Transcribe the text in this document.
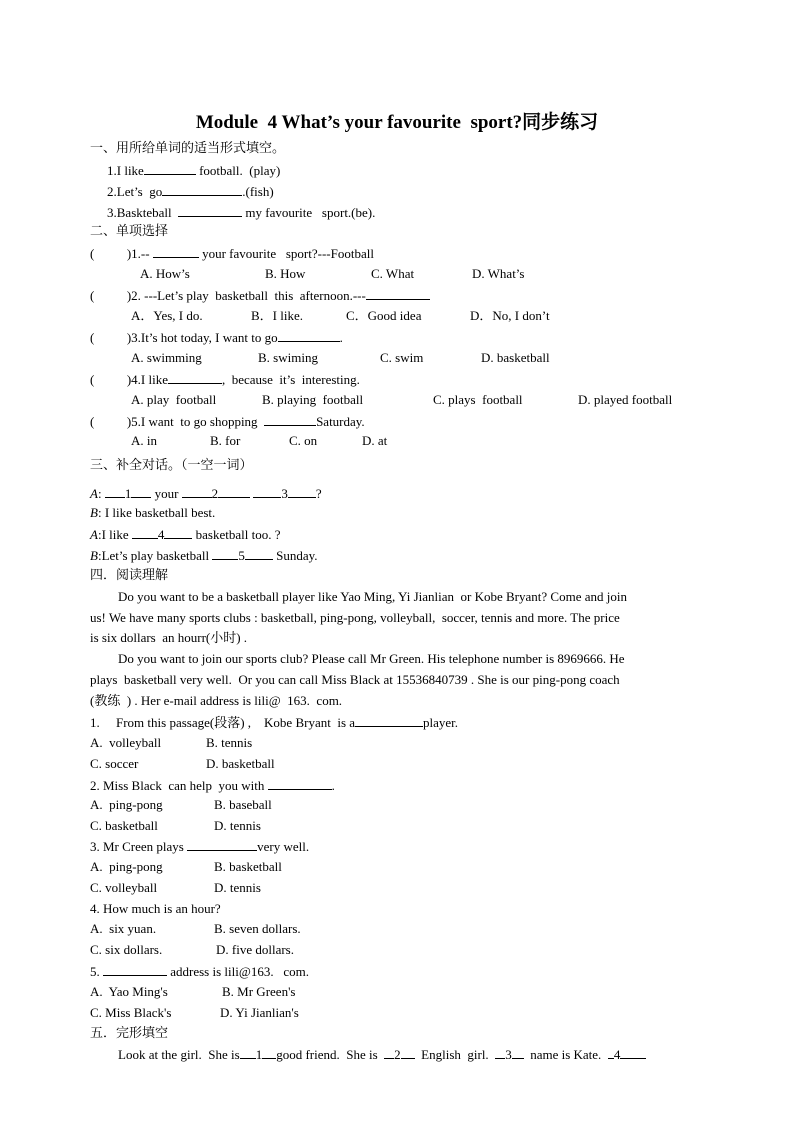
Module  4 What’s your favourite  sport?同步练习
一、用所给单词的适当形式填空。
1.I like	football.  (play)
2.Let’s  go	.(fish)
3.Baskteball	my favourite   sport.(be).
二、单项选择
(          )1.--	your favourite   sport?---Football
A. How’s	B. How	C. What	D. What’s
(          )2. ---Let’s play  basketball  this  afternoon.---
A．Yes, I do.	B．I like.	C．Good idea	D．No, I don’t
(          )3.It’s hot today, I want to go	.
A. swimming	B. swiming	C. swim	D. basketball
(          )4.I like	,  because  it’s  interesting.
A. play  football	B. playing  football	C. plays  football	D. played football
(          )5.I want  to go shopping	Saturday.
A. in	B. for	C. on	D. at
三、补全对话。（一空一词）
A: 1 your 2	3 ?
B: I like basketball best.
A:I like 4 basketball too. ?
B:Let’s play basketball 5 Sunday.
四．阅读理解
Do you want to be a basketball player like Yao Ming, Yi Jianlian  or Kobe Bryant? Come and join
us! We have many sports clubs : basketball, ping-pong, volleyball,  soccer, tennis and more. The price
is six dollars  an hourr(小时) .
Do you want to join our sports club? Please call Mr Green. His telephone number is 8969666. He
plays  basketball very well.  Or you can call Miss Black at 15536840739 . She is our ping-pong coach
(教练  ) . Her e-mail address is lili@  163.  com.
1.     From this passage(段落) ,    Kobe Bryant  is a	player.
A.  volleyball	B. tennis
C. soccer	D. basketball
2. Miss Black  can help  you with	.
A.  ping-pong	B. baseball
C. basketball	D. tennis
3. Mr Creen plays	very well.
A.  ping-pong	B. basketball
C. volleyball	D. tennis
4. How much is an hour?
A.  six yuan.	B. seven dollars.
C. six dollars.	D. five dollars.
5.	address is lili@163.   com.
A.  Yao Ming's	B. Mr Green's
C. Miss Black's	D. Yi Jianlian's
五．完形填空
Look at the girl.  She is 1 good friend.  She is  2  English  girl.  3  name is Kate.  4
